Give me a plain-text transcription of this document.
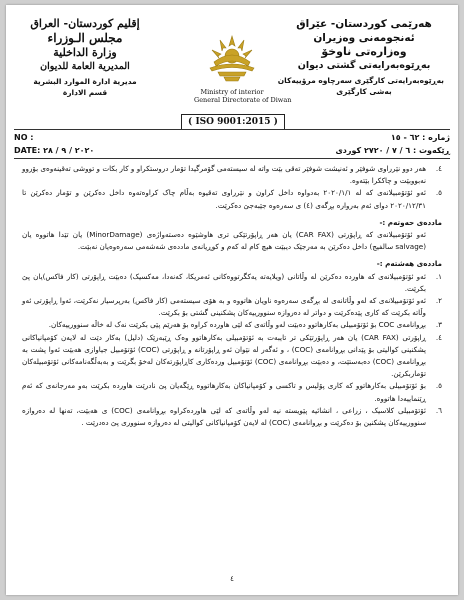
هەرێمی کوردستان- عێراق
ئەنجومەنی وەزیران
وەزارەتی ناوخۆ
بەڕێوەبەرایەتی گشتی دیوان
بەڕێوەبەرایەتی کارگێری سەرچاوە مرۆییەکان
بەشی کارگێری
Ministry of interior
General Directorate of Diwan
إقليم كوردستان- العراق
مجلس الـوزراء
وزارة الداخلية
المديرية العامة للديوان
مديرية ادارة الموارد البشرية
قسم الادارة
( ISO 9001:2015 )
NO :	ژمارە : ٦٢ - ١٥
DATE: ٢٠٢٠ / ٩ / ٢٨	ڕێکەوت : ٦ / ٧ / ٢٧٢٠ کوردی
٤.
هەر دوو نێرراوی شوفێر و ئەنیشت شوفێر تەقی بێت واتە لە سیستەمی گۆمرگیدا تۆمار دروستکراو و کار بکات و تووشی تەقینەوەی بۆروو نەبووبێت و چاککرا بێتەوە.
٥.
ئەو ئۆتۆمبیلانەی کە لە ٢٠٢٠/١/١ بەدواوە داخل کراون و نێرراوی تەقیوە بەڵام چاک کراوەتەوە داخل دەکرێن و تۆمار دەکرێن تا ٢٠٢٠/١٢/٣١ دوای ئەم بەروارە بڕگەی (٤) ی سەرەوە جێبەجێ دەکرێت.
ماددەی حەوتەم :-
ئەو ئۆتۆمبیلانەی کە ڕاپۆرتی (CAR FAX) یان هەر ڕاپۆرتێکی تری هاوشێوە دەستەواژەی (MinorDamage) یان تێدا هاتووە یان (salvage سالفیج) داخل دەکرێن بە مەرجێک دیبێت هیچ کام لە کەم و کوڕیانەی ماددەی شەشەمی سەرەوەیان نەبێت.
ماددەی هەشتەم :-
١.
ئەو ئۆتۆمبیلانەی کە هاوردە دەکرێن لە وڵاتانی (ویلایەتە یەکگرتووەکانی ئەمریکا، کەنەدا، مەکسیک) دەبێت ڕاپۆرتی (کار فاکس)یان پێ بکرێت.
٢.
ئەو ئۆتۆمبیلانەی کە لەو وڵاتانەی لە بڕگەی سەرەوە ناویان هاتووە و بە هۆی سیستەمی (کار فاکس) بەرپرسیار نەکرێت، ئەوا ڕاپۆرتی ئەو وڵاتە بکرێت کە کاری پێدەکرێت و دواتر لە دەروازە سنوورییەکان پشکنینی گشتی بۆ بکرێت.
٣.
بڕوانامەی COC بۆ ئۆتۆمبیلی بەکارهاتوو دەبێت لەو وڵاتەی کە لێی هاوردە کراوە بۆ هەرێم پێی بکرێت نەک لە خاڵە سنوورییەکان.
٤.
ڕاپۆرتی (CAR FAX) یان هەر ڕاپۆرتێکی تر تایبەت بە ئۆتۆمبیلی بەکارهاتوو وەک ڕێبەرێک (دلیل) بەکار دێت لە لایەن کۆمپانیاکانی پشکنینی کوالیتی بۆ پێدانی بڕوانامەی (COC) ، و ئەگەر لە نێوان ئەو ڕاپۆرتانە و ڕاپۆرتی (COC) ئۆتۆمبیل جیاوازی هەبێت ئەوا پشت بە بڕوانامەی (COC) دەبەستێت، و دەبێت بڕوانامەی (COC) ئۆتۆمبیل وردەکاری کاڕاپۆرتەکان لەخۆ بگرێت و بەبەڵگەنامەکانی ئۆتۆمبیلەکان تۆماربکرێن.
٥.
بۆ ئۆتۆمبیلی بەکارهاتوو کە کاری پۆلیس و تاکسی و کۆمپانیاکان بەکارهاتووە ڕێگەیان پێ نادرێت هاوردە بکرێت بەو مەرجانەی کە ئەم ڕێنماییەدا هاتووە.
٦.
ئۆتۆمبیلی کلاسیک ، زراعی ، انشائیە پێویستە نیە لەو وڵاتەی کە لێی هاوردەکراوە بڕوانامەی (COC) ی هەبێت، تەنها لە دەروازە سنوورییەکان پشکنین بۆ دەکرێت و بڕوانامەی (COC) لە لایەن کۆمپانیاکانی کوالیتی لە دەروازە سنووری پێ دەدرێت .
٤
